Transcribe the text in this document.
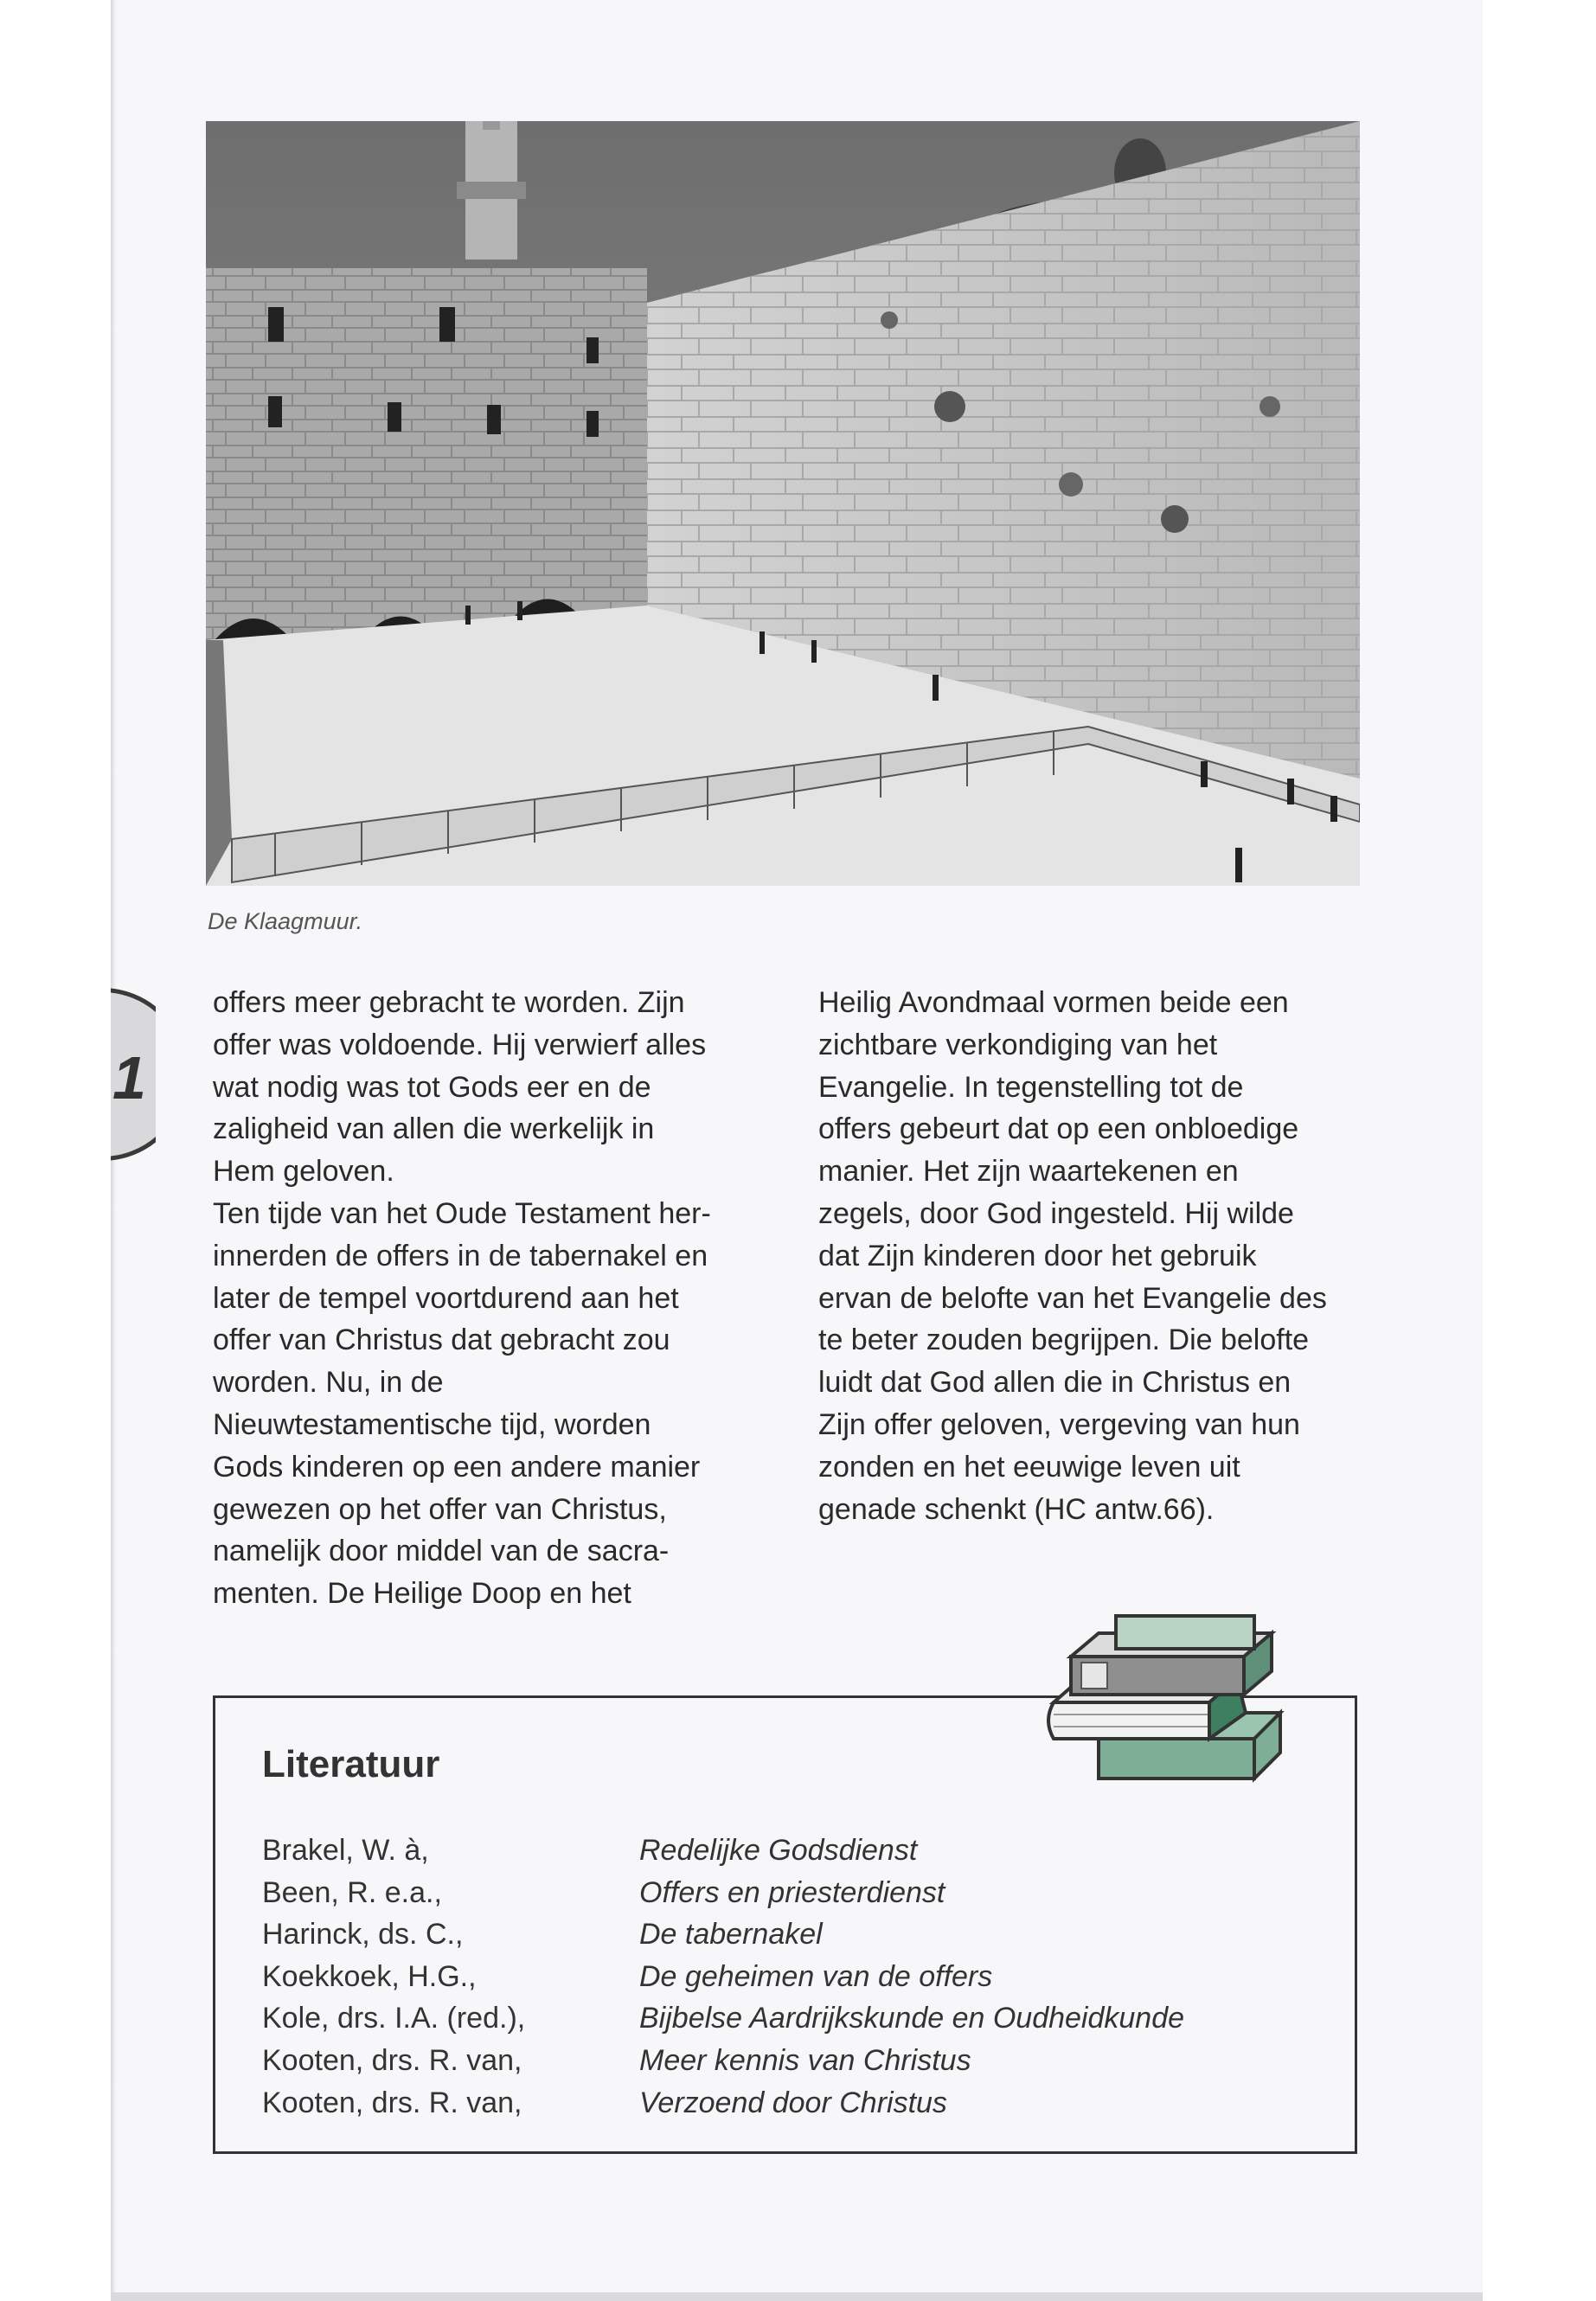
De Klaagmuur.
1

offers meer gebracht te worden. Zijn
offer was voldoende. Hij verwierf alles
wat nodig was tot Gods eer en de
zaligheid van allen die werkelijk in
Hem geloven.
Ten tijde van het Oude Testament her-
innerden de offers in de tabernakel en
later de tempel voortdurend aan het
offer van Christus dat gebracht zou
worden. Nu, in de
Nieuwtestamentische tijd, worden
Gods kinderen op een andere manier
gewezen op het offer van Christus,
namelijk door middel van de sacra-
menten. De Heilige Doop en het

Heilig Avondmaal vormen beide een
zichtbare verkondiging van het
Evangelie. In tegenstelling tot de
offers gebeurt dat op een onbloedige
manier. Het zijn waartekenen en
zegels, door God ingesteld. Hij wilde
dat Zijn kinderen door het gebruik
ervan de belofte van het Evangelie des
te beter zouden begrijpen. Die belofte
luidt dat God allen die in Christus en
Zijn offer geloven, vergeving van hun
zonden en het eeuwige leven uit
genade schenkt (HC antw.66).

Literatuur
Brakel, W. à,	Redelijke Godsdienst
Been, R. e.a.,	Offers en priesterdienst
Harinck, ds. C.,	De tabernakel
Koekkoek, H.G.,	De geheimen van de offers
Kole, drs. I.A. (red.),	Bijbelse Aardrijkskunde en Oudheidkunde
Kooten, drs. R. van,	Meer kennis van Christus
Kooten, drs. R. van,	Verzoend door Christus
